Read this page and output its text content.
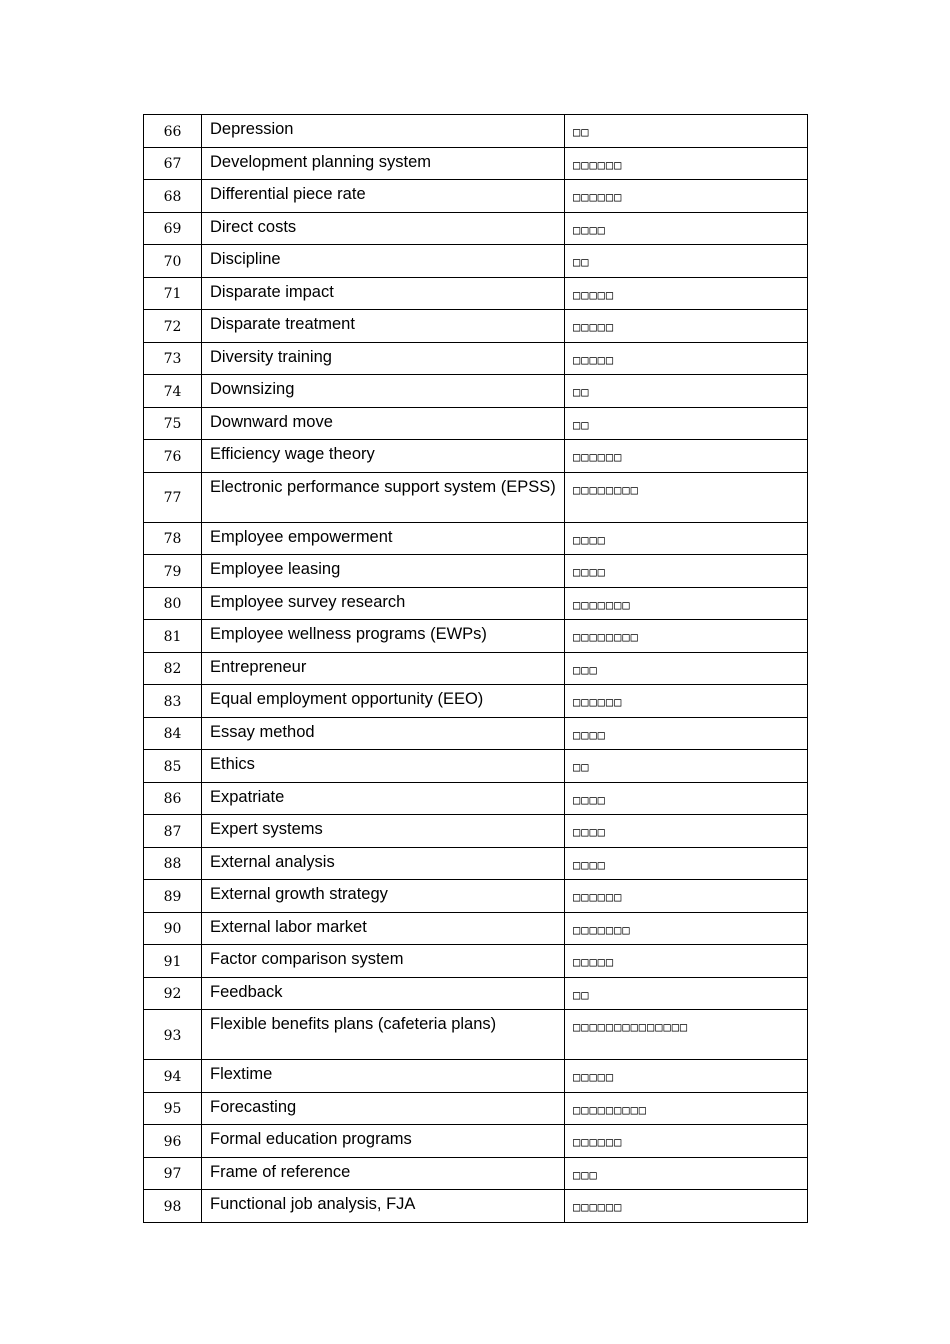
66	Depression	□□
67	Development planning system	□□□□□□
68	Differential piece rate	□□□□□□
69	Direct costs	□□□□
70	Discipline	□□
71	Disparate impact	□□□□□
72	Disparate treatment	□□□□□
73	Diversity training	□□□□□
74	Downsizing	□□
75	Downward move	□□
76	Efficiency wage theory	□□□□□□
77	Electronic performance support system (EPSS)	□□□□□□□□
78	Employee empowerment	□□□□
79	Employee leasing	□□□□
80	Employee survey research	□□□□□□□
81	Employee wellness programs (EWPs)	□□□□□□□□
82	Entrepreneur	□□□
83	Equal employment opportunity (EEO)	□□□□□□
84	Essay method	□□□□
85	Ethics	□□
86	Expatriate	□□□□
87	Expert systems	□□□□
88	External analysis	□□□□
89	External growth strategy	□□□□□□
90	External labor market	□□□□□□□
91	Factor comparison system	□□□□□
92	Feedback	□□
93	Flexible benefits plans (cafeteria plans)	□□□□□□□□□□□□□□
94	Flextime	□□□□□
95	Forecasting	□□□□□□□□□
96	Formal education programs	□□□□□□
97	Frame of reference	□□□
98	Functional job analysis, FJA	□□□□□□
